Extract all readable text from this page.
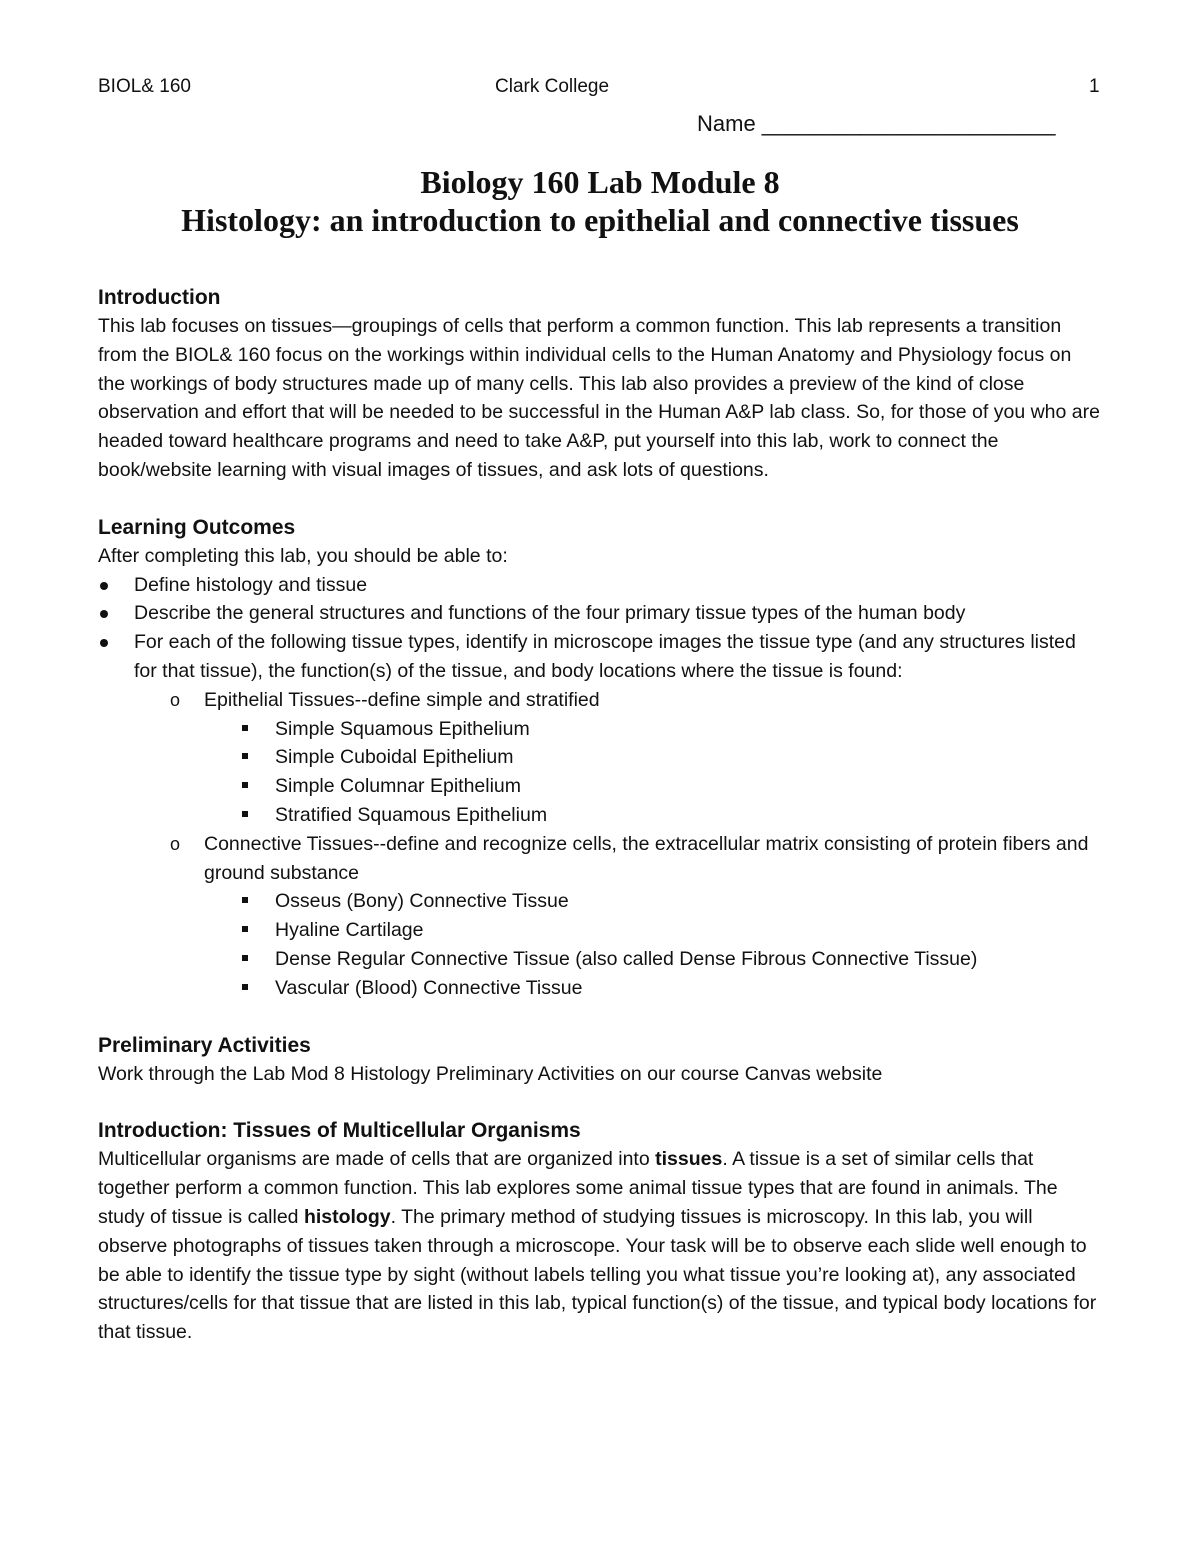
BIOL& 160	Clark College	1
Name ________________________
Biology 160 Lab Module 8
Histology: an introduction to epithelial and connective tissues
Introduction

This lab focuses on tissues—groupings of cells that perform a common function. This lab represents a transition from the BIOL& 160 focus on the workings within individual cells to the Human Anatomy and Physiology focus on the workings of body structures made up of many cells. This lab also provides a preview of the kind of close observation and effort that will be needed to be successful in the Human A&P lab class. So, for those of you who are headed toward healthcare programs and need to take A&P, put yourself into this lab, work to connect the book/website learning with visual images of tissues, and ask lots of questions.

Learning Outcomes

After completing this lab, you should be able to:

Define histology and tissue
Describe the general structures and functions of the four primary tissue types of the human body
For each of the following tissue types, identify in microscope images the tissue type (and any structures listed for that tissue), the function(s) of the tissue, and body locations where the tissue is found:
o Epithelial Tissues--define simple and stratified
Simple Squamous Epithelium
Simple Cuboidal Epithelium
Simple Columnar Epithelium
Stratified Squamous Epithelium
o Connective Tissues--define and recognize cells, the extracellular matrix consisting of protein fibers and ground substance
Osseus (Bony) Connective Tissue
Hyaline Cartilage
Dense Regular Connective Tissue (also called Dense Fibrous Connective Tissue)
Vascular (Blood) Connective Tissue
Preliminary Activities

Work through the Lab Mod 8 Histology Preliminary Activities on our course Canvas website

Introduction: Tissues of Multicellular Organisms

Multicellular organisms are made of cells that are organized into tissues. A tissue is a set of similar cells that together perform a common function. This lab explores some animal tissue types that are found in animals. The study of tissue is called histology. The primary method of studying tissues is microscopy. In this lab, you will observe photographs of tissues taken through a microscope. Your task will be to observe each slide well enough to be able to identify the tissue type by sight (without labels telling you what tissue you’re looking at), any associated structures/cells for that tissue that are listed in this lab, typical function(s) of the tissue, and typical body locations for that tissue.
